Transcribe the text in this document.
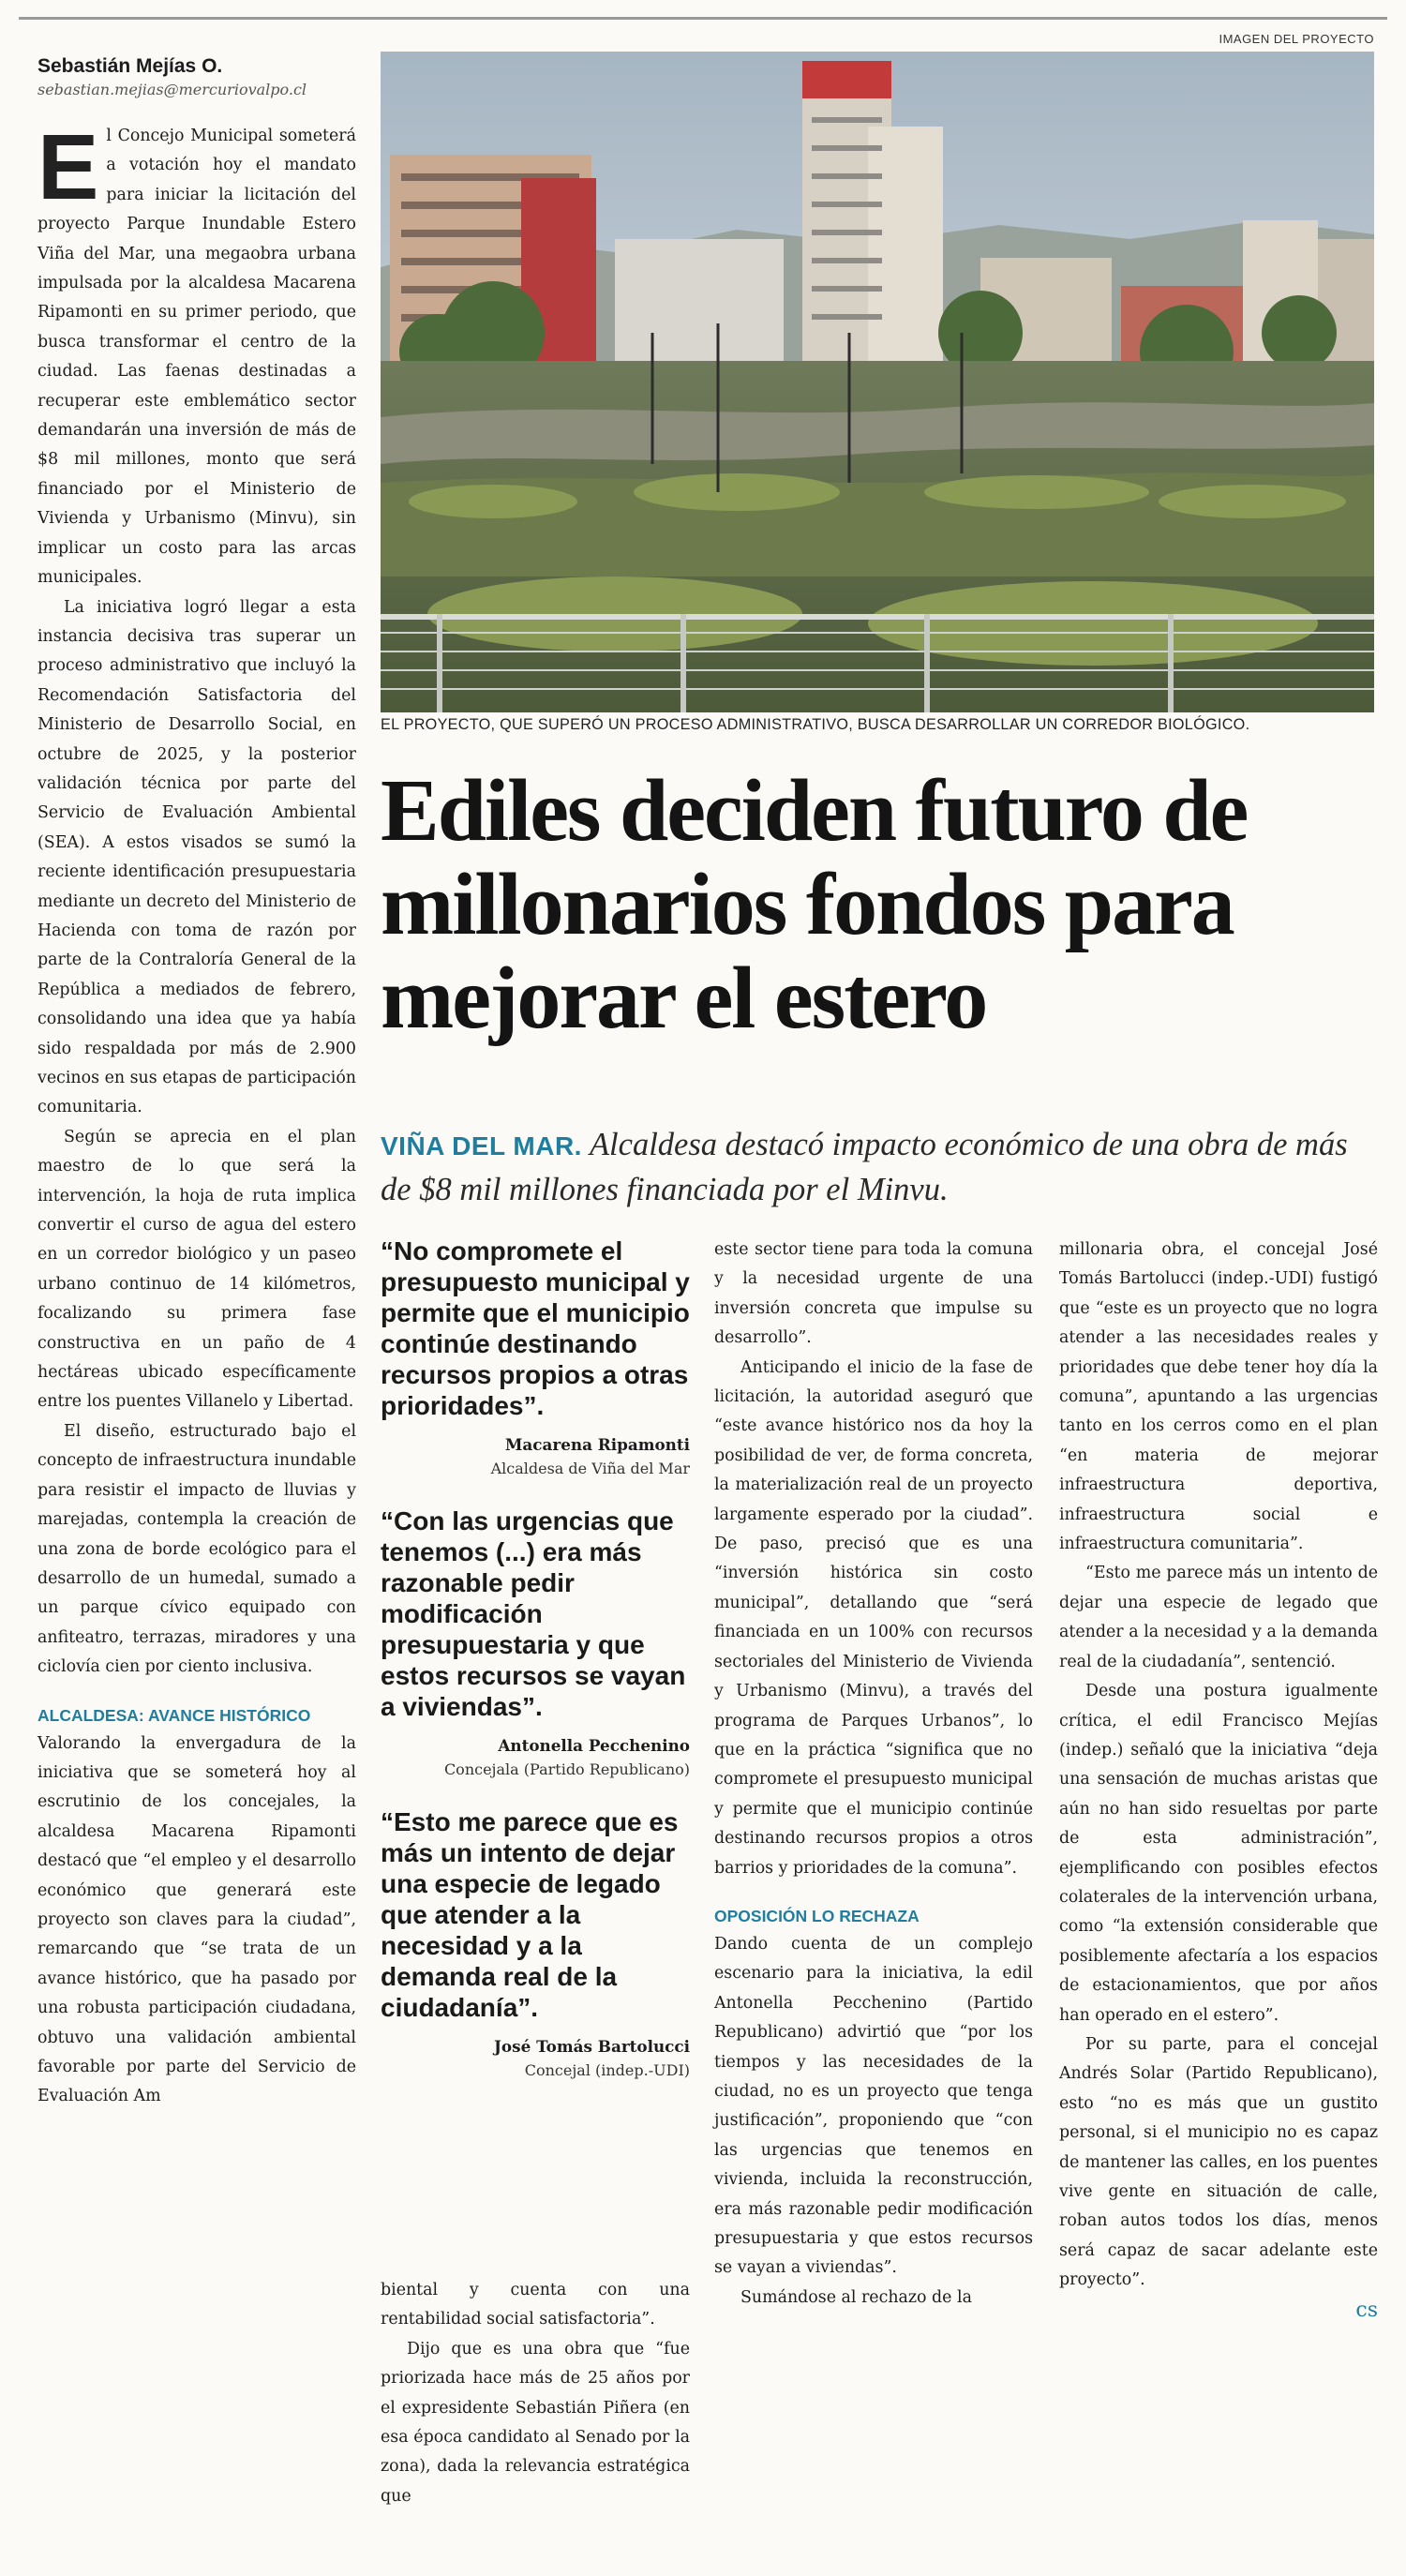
Sebastián Mejías O.
sebastian.mejias@mercuriovalpo.cl
E l Concejo Municipal someterá a votación hoy el mandato para iniciar la licitación del proyecto Parque Inundable Estero Viña del Mar, una megaobra urbana impulsada por la alcaldesa Macarena Ripamonti en su primer periodo, que busca transformar el centro de la ciudad. Las faenas destinadas a recuperar este emblemático sector demandarán una inversión de más de $8 mil millones, monto que será financiado por el Ministerio de Vivienda y Urbanismo (Minvu), sin implicar un costo para las arcas municipales.

La iniciativa logró llegar a esta instancia decisiva tras superar un proceso administrativo que incluyó la Recomendación Satisfactoria del Ministerio de Desarrollo Social, en octubre de 2025, y la posterior validación técnica por parte del Servicio de Evaluación Ambiental (SEA). A estos visados se sumó la reciente identificación presupuestaria mediante un decreto del Ministerio de Hacienda con toma de razón por parte de la Contraloría General de la República a mediados de febrero, consolidando una idea que ya había sido respaldada por más de 2.900 vecinos en sus etapas de participación comunitaria.

Según se aprecia en el plan maestro de lo que será la intervención, la hoja de ruta implica convertir el curso de agua del estero en un corredor biológico y un paseo urbano continuo de 14 kilómetros, focalizando su primera fase constructiva en un paño de 4 hectáreas ubicado específicamente entre los puentes Villanelo y Libertad.

El diseño, estructurado bajo el concepto de infraestructura inundable para resistir el impacto de lluvias y marejadas, contempla la creación de una zona de borde ecológico para el desarrollo de un humedal, sumado a un parque cívico equipado con anfiteatro, terrazas, miradores y una ciclovía cien por ciento inclusiva.

ALCALDESA: AVANCE HISTÓRICO

Valorando la envergadura de la iniciativa que se someterá hoy al escrutinio de los concejales, la alcaldesa Macarena Ripamonti destacó que “el empleo y el desarrollo económico que generará este proyecto son claves para la ciudad”, remarcando que “se trata de un avance histórico, que ha pasado por una robusta participación ciudadana, obtuvo una validación ambiental favorable por parte del Servicio de Evaluación Am

IMAGEN DEL PROYECTO
EL PROYECTO, QUE SUPERÓ UN PROCESO ADMINISTRATIVO, BUSCA DESARROLLAR UN CORREDOR BIOLÓGICO.
Ediles deciden futuro de millonarios fondos para mejorar el estero
VIÑA DEL MAR. Alcaldesa destacó impacto económico de una obra de más de $8 mil millones financiada por el Minvu.
“No compromete el presupuesto municipal y permite que el municipio continúe destinando recursos propios a otras prioridades”.
Macarena Ripamonti
Alcaldesa de Viña del Mar
“Con las urgencias que tenemos (...) era más razonable pedir modificación presupuestaria y que estos recursos se vayan a viviendas”.
Antonella Pecchenino
Concejala (Partido Republicano)
“Esto me parece que es más un intento de dejar una especie de legado que atender a la necesidad y a la demanda real de la ciudadanía”.
José Tomás Bartolucci
Concejal (indep.-UDI)

biental y cuenta con una rentabilidad social satisfactoria”.

Dijo que es una obra que “fue priorizada hace más de 25 años por el expresidente Sebastián Piñera (en esa época candidato al Senado por la zona), dada la relevancia estratégica que

este sector tiene para toda la comuna y la necesidad urgente de una inversión concreta que impulse su desarrollo”.

Anticipando el inicio de la fase de licitación, la autoridad aseguró que “este avance histórico nos da hoy la posibilidad de ver, de forma concreta, la materialización real de un proyecto largamente esperado por la ciudad”. De paso, precisó que es una “inversión histórica sin costo municipal”, detallando que “será financiada en un 100% con recursos sectoriales del Ministerio de Vivienda y Urbanismo (Minvu), a través del programa de Parques Urbanos”, lo que en la práctica “significa que no compromete el presupuesto municipal y permite que el municipio continúe destinando recursos propios a otros barrios y prioridades de la comuna”.

OPOSICIÓN LO RECHAZA

Dando cuenta de un complejo escenario para la iniciativa, la edil Antonella Pecchenino (Partido Republicano) advirtió que “por los tiempos y las necesidades de la ciudad, no es un proyecto que tenga justificación”, proponiendo que “con las urgencias que tenemos en vivienda, incluida la reconstrucción, era más razonable pedir modificación presupuestaria y que estos recursos se vayan a viviendas”.

Sumándose al rechazo de la

millonaria obra, el concejal José Tomás Bartolucci (indep.-UDI) fustigó que “este es un proyecto que no logra atender a las necesidades reales y prioridades que debe tener hoy día la comuna”, apuntando a las urgencias tanto en los cerros como en el plan “en materia de mejorar infraestructura deportiva, infraestructura social e infraestructura comunitaria”.

“Esto me parece más un intento de dejar una especie de legado que atender a la necesidad y a la demanda real de la ciudadanía”, sentenció.

Desde una postura igualmente crítica, el edil Francisco Mejías (indep.) señaló que la iniciativa “deja una sensación de muchas aristas que aún no han sido resueltas por parte de esta administración”, ejemplificando con posibles efectos colaterales de la intervención urbana, como “la extensión considerable que posiblemente afectaría a los espacios de estacionamientos, que por años han operado en el estero”.

Por su parte, para el concejal Andrés Solar (Partido Republicano), esto “no es más que un gustito personal, si el municipio no es capaz de mantener las calles, en los puentes vive gente en situación de calle, roban autos todos los días, menos será capaz de sacar adelante este proyecto”.

cs
